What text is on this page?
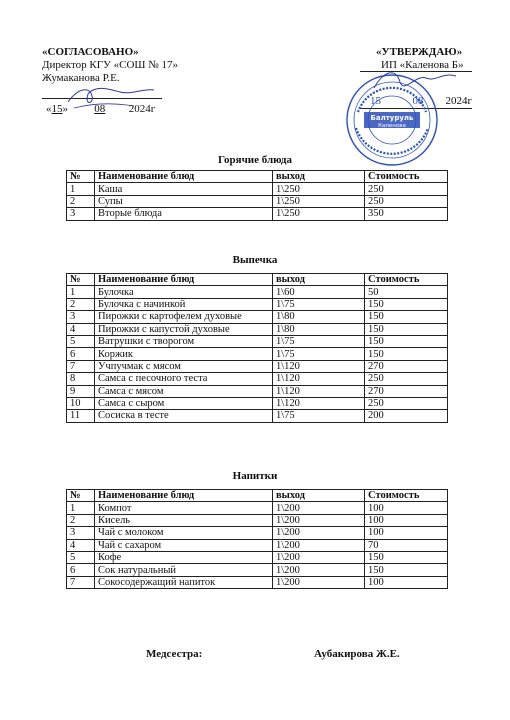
«СОГЛАСОВАНО»
Директор КГУ «СОШ № 17»
Жумаканова Р.Е.
«15» 08 2024г
«УТВЕРЖДАЮ»
ИП «Каленова Б»
15	08 2024г
Балтуруль
Каленова
Горячие блюда
№	Наименование блюд	выход	Стоимость
1	Каша	1\250	250
2	Супы	1\250	250
3	Вторые блюда	1\250	350
Выпечка
№	Наименование блюд	выход	Стоимость
1	Булочка	1\60	50
2	Булочка с начинкой	1\75	150
3	Пирожки с картофелем духовые	1\80	150
4	Пирожки с капустой духовые	1\80	150
5	Ватрушки с творогом	1\75	150
6	Коржик	1\75	150
7	Учпучмак с мясом	1\120	270
8	Самса с песочного теста	1\120	250
9	Самса с мясом	1\120	270
10	Самса с сыром	1\120	250
11	Сосиска в тесте	1\75	200
Напитки
№	Наименование блюд	выход	Стоимость
1	Компот	1\200	100
2	Кисель	1\200	100
3	Чай с молоком	1\200	100
4	Чай с сахаром	1\200	70
5	Кофе	1\200	150
6	Сок натуральный	1\200	150
7	Сокосодержащий напиток	1\200	100
Медсестра:	Аубакирова Ж.Е.
